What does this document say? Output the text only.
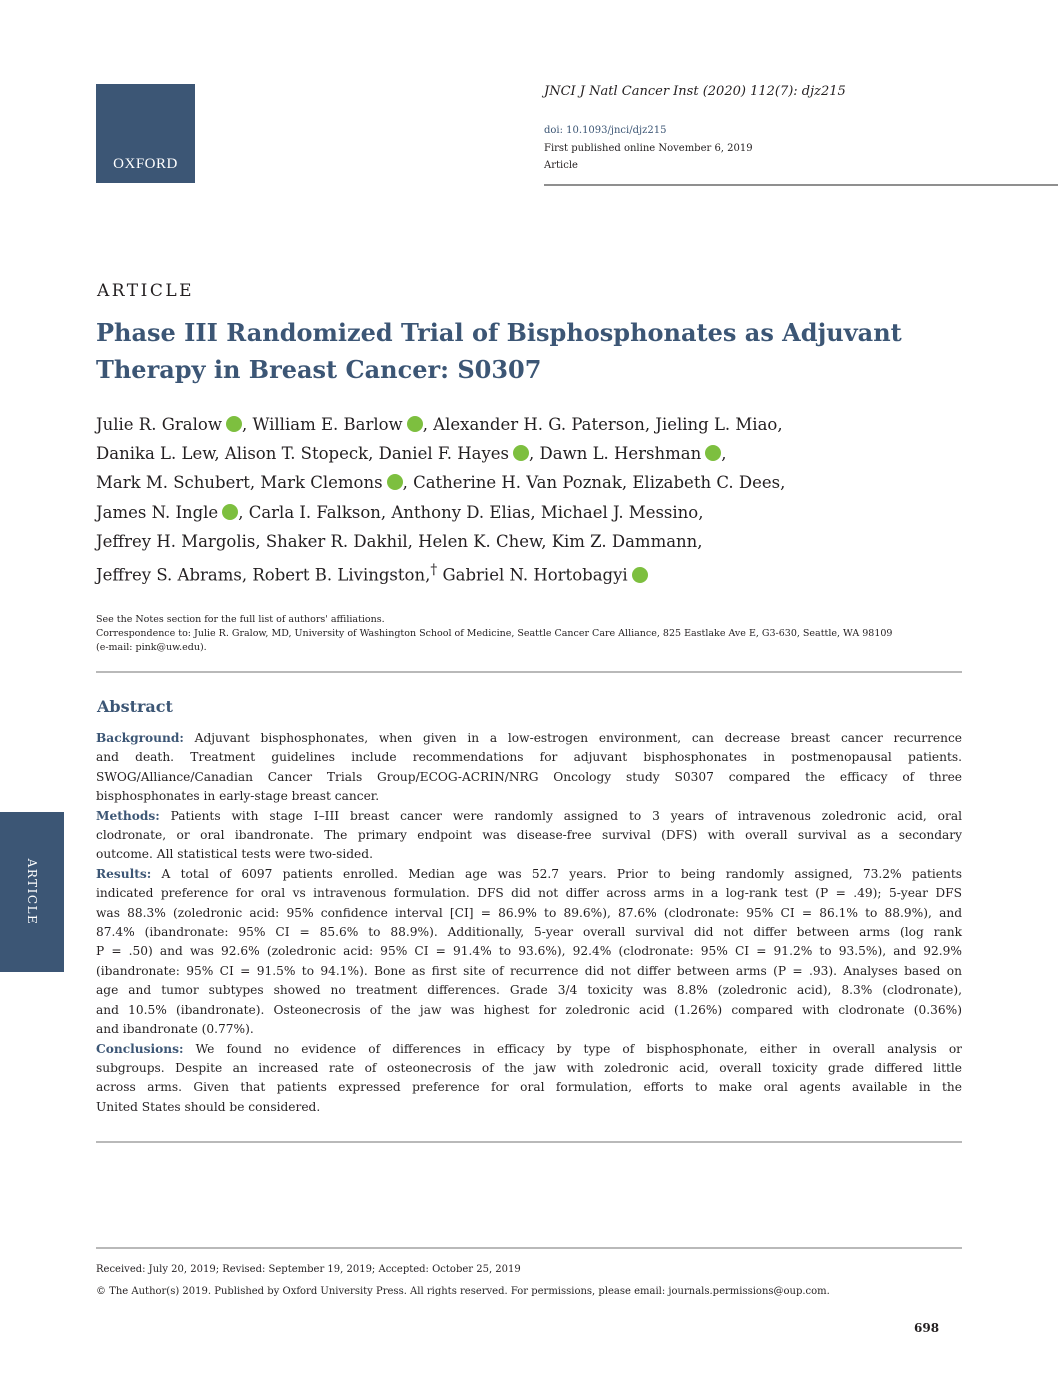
OXFORD
JNCI J Natl Cancer Inst (2020) 112(7): djz215
doi: 10.1093/jnci/djz215
First published online November 6, 2019
Article
ARTICLE
Phase III Randomized Trial of Bisphosphonates as Adjuvant Therapy in Breast Cancer: S0307
Julie R. Gralow , William E. Barlow , Alexander H. G. Paterson, Jieling L. Miao,
Danika L. Lew, Alison T. Stopeck, Daniel F. Hayes , Dawn L. Hershman ,
Mark M. Schubert, Mark Clemons , Catherine H. Van Poznak, Elizabeth C. Dees,
James N. Ingle , Carla I. Falkson, Anthony D. Elias, Michael J. Messino,
Jeffrey H. Margolis, Shaker R. Dakhil, Helen K. Chew, Kim Z. Dammann,
Jeffrey S. Abrams, Robert B. Livingston,† Gabriel N. Hortobagyi
See the Notes section for the full list of authors' affiliations.
Correspondence to: Julie R. Gralow, MD, University of Washington School of Medicine, Seattle Cancer Care Alliance, 825 Eastlake Ave E, G3-630, Seattle, WA 98109
(e-mail: pink@uw.edu).
Abstract
Background: Adjuvant bisphosphonates, when given in a low-estrogen environment, can decrease breast cancer recurrence
and death. Treatment guidelines include recommendations for adjuvant bisphosphonates in postmenopausal patients.
SWOG/Alliance/Canadian Cancer Trials Group/ECOG-ACRIN/NRG Oncology study S0307 compared the efficacy of three
bisphosphonates in early-stage breast cancer.
Methods: Patients with stage I–III breast cancer were randomly assigned to 3 years of intravenous zoledronic acid, oral
clodronate, or oral ibandronate. The primary endpoint was disease-free survival (DFS) with overall survival as a secondary
outcome. All statistical tests were two-sided.
Results: A total of 6097 patients enrolled. Median age was 52.7 years. Prior to being randomly assigned, 73.2% patients
indicated preference for oral vs intravenous formulation. DFS did not differ across arms in a log-rank test (P = .49); 5-year DFS
was 88.3% (zoledronic acid: 95% confidence interval [CI] = 86.9% to 89.6%), 87.6% (clodronate: 95% CI = 86.1% to 88.9%), and
87.4% (ibandronate: 95% CI = 85.6% to 88.9%). Additionally, 5-year overall survival did not differ between arms (log rank
P = .50) and was 92.6% (zoledronic acid: 95% CI = 91.4% to 93.6%), 92.4% (clodronate: 95% CI = 91.2% to 93.5%), and 92.9%
(ibandronate: 95% CI = 91.5% to 94.1%). Bone as first site of recurrence did not differ between arms (P = .93). Analyses based on
age and tumor subtypes showed no treatment differences. Grade 3/4 toxicity was 8.8% (zoledronic acid), 8.3% (clodronate),
and 10.5% (ibandronate). Osteonecrosis of the jaw was highest for zoledronic acid (1.26%) compared with clodronate (0.36%)
and ibandronate (0.77%).
Conclusions: We found no evidence of differences in efficacy by type of bisphosphonate, either in overall analysis or
subgroups. Despite an increased rate of osteonecrosis of the jaw with zoledronic acid, overall toxicity grade differed little
across arms. Given that patients expressed preference for oral formulation, efforts to make oral agents available in the
United States should be considered.
ARTICLE
Received: July 20, 2019; Revised: September 19, 2019; Accepted: October 25, 2019
© The Author(s) 2019. Published by Oxford University Press. All rights reserved. For permissions, please email: journals.permissions@oup.com.
698
